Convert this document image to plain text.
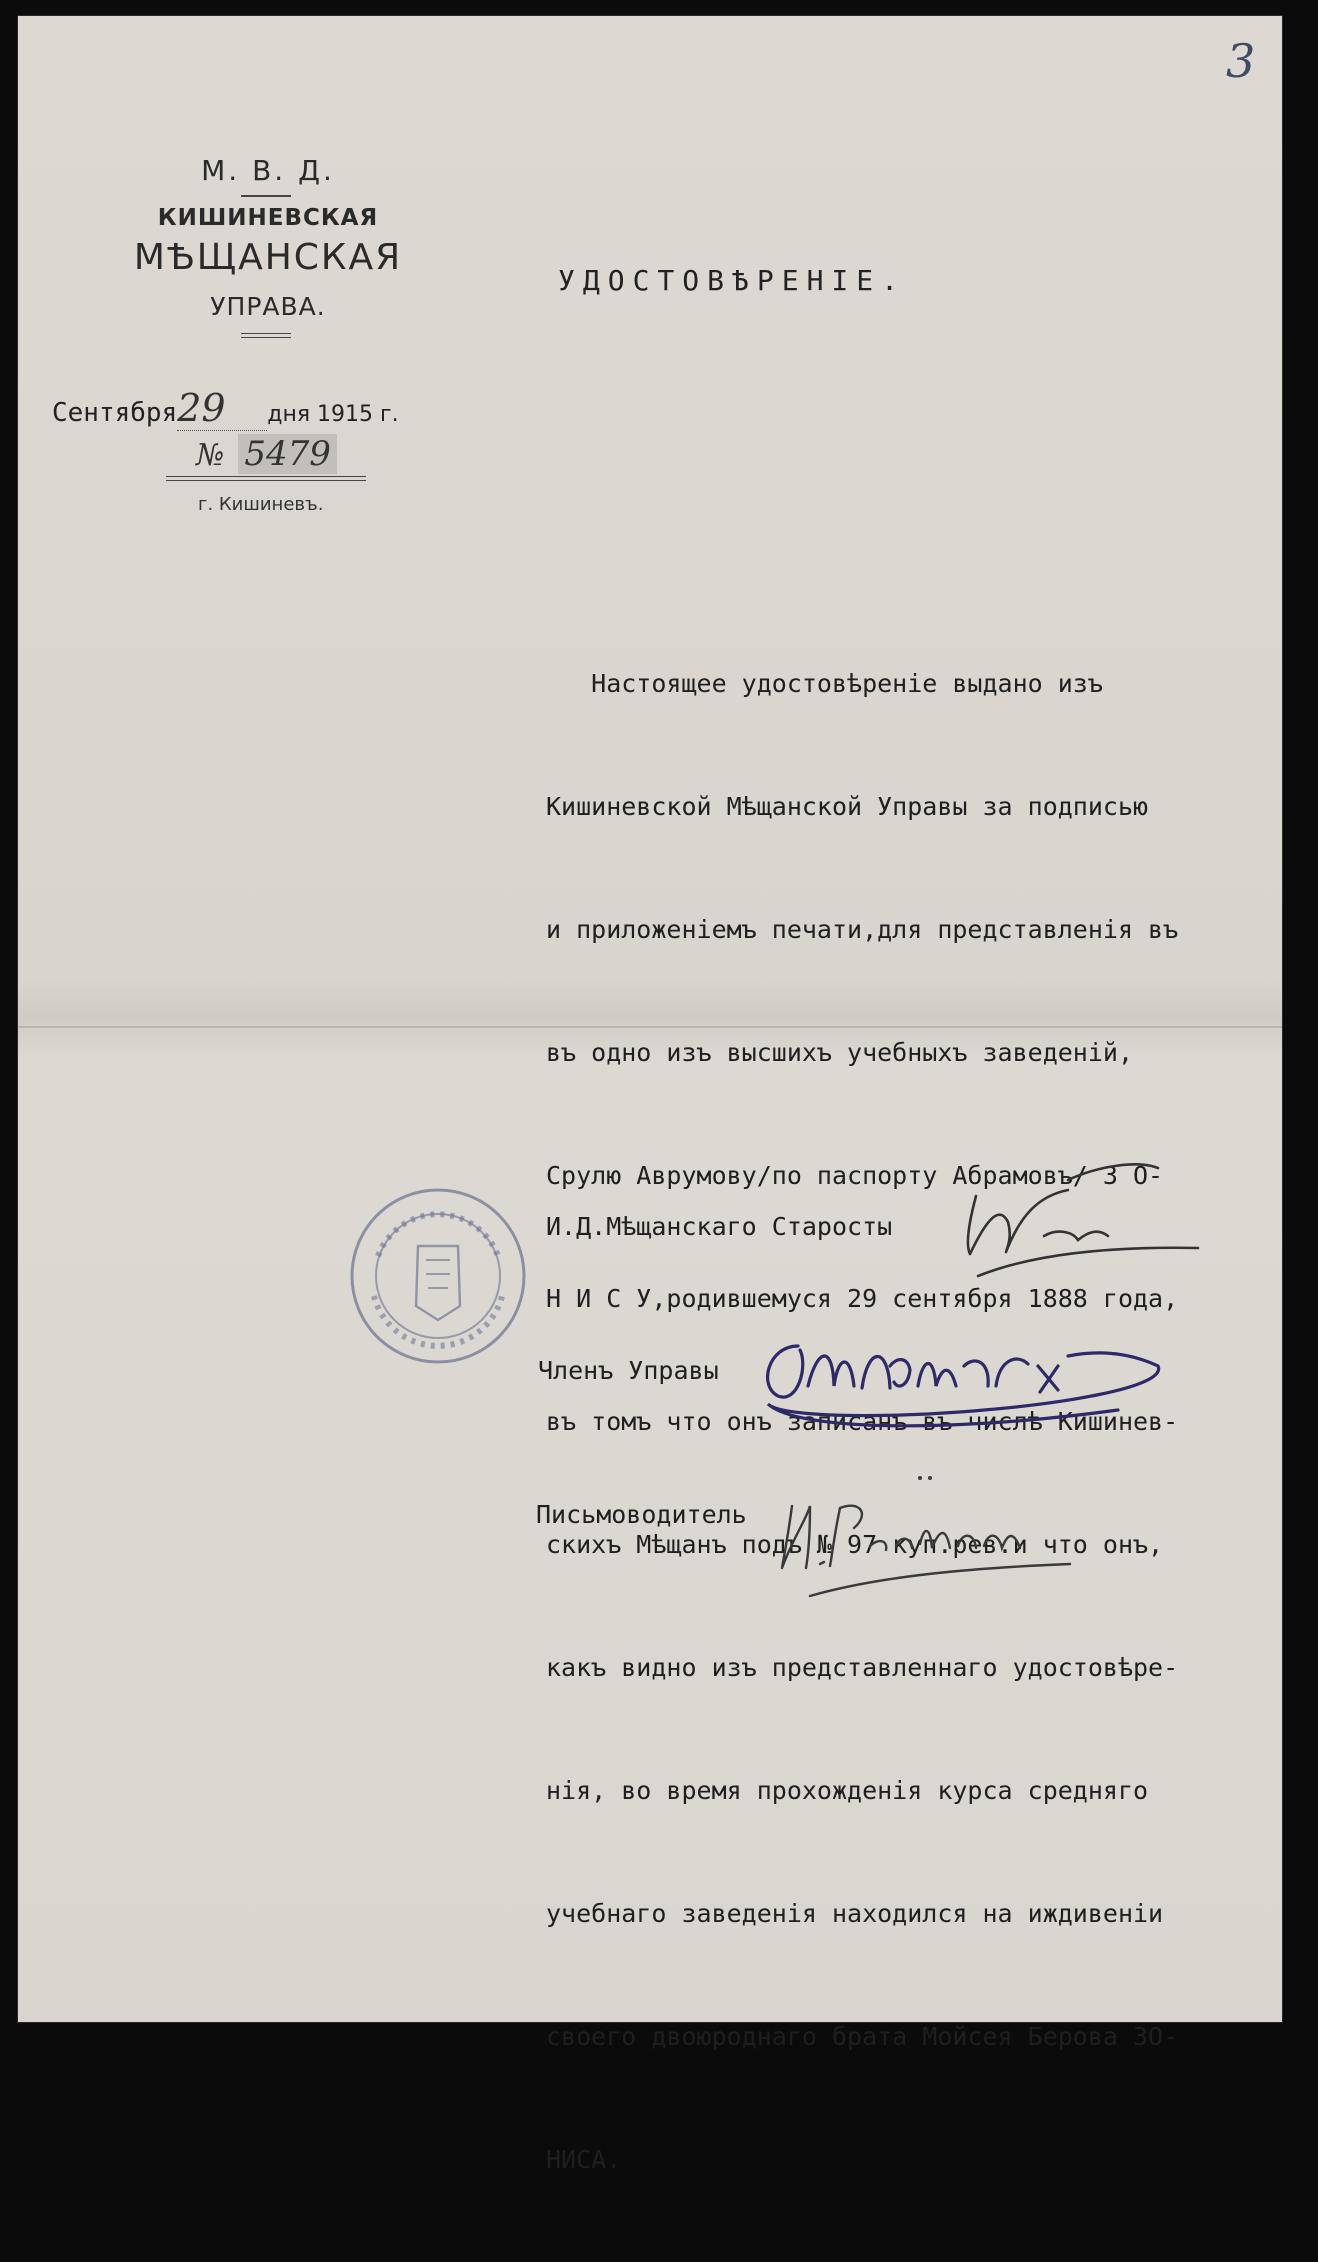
3
М. В. Д.
КИШИНЕВСКАЯ
МѢЩАНСКАЯ
УПРАВА.
Сентября29 дня 1915 г.
№ 5479
г. Кишиневъ.
УДОСТОВѢРЕНІЕ.

Настоящее удостовѣреніе выдано изъ

Кишиневской Мѣщанской Управы за подписью

и приложеніемъ печати,для представленія въ

въ одно изъ высшихъ учебныхъ заведеній,

Срулю Аврумову/по паспорту Абрамовъ/ З О-

Н И С У,родившемуся 29 сентября 1888 года,

въ томъ что онъ записанъ въ числѣ Кишинев-

скихъ Мѣщанъ подъ № 97 куп.рев.и что онъ,

какъ видно изъ представленнаго удостовѣре-

нія, во время прохожденія курса средняго

учебнаго заведенія находился на иждивеніи

своего двоюроднаго брата Мойсея Берова ЗО-

НИСА.

И.Д.Мѣщанскаго Старосты
Членъ Управы
Письмоводитель
